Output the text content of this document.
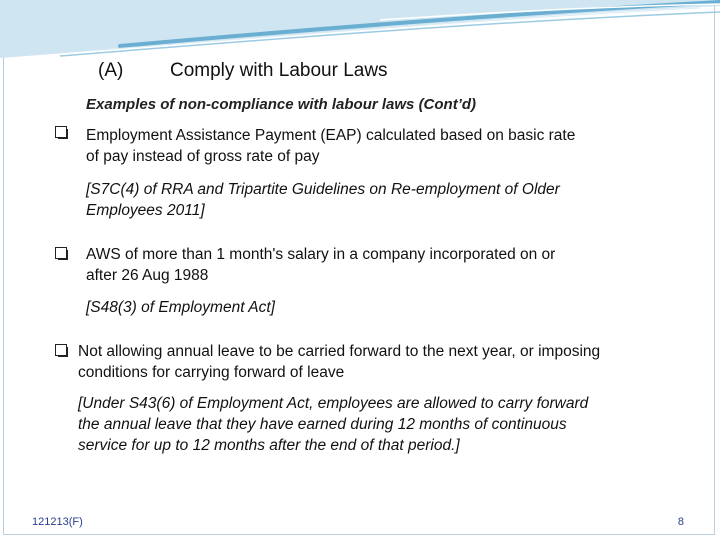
(A) Comply with Labour Laws
Examples of non-compliance with labour laws (Cont’d)
Employment Assistance Payment (EAP) calculated based on basic rate
of pay instead of gross rate of pay
[S7C(4) of RRA and Tripartite Guidelines on Re-employment of Older
Employees 2011]
AWS of more than 1 month's salary in a company incorporated on or
after 26 Aug 1988
[S48(3) of Employment Act]
Not allowing annual leave to be carried forward to the next year, or imposing
conditions for carrying forward of leave
[Under S43(6) of Employment Act, employees are allowed to carry forward
the annual leave that they have earned during 12 months of continuous
service for up to 12 months after the end of that period.]
121213(F)	8
